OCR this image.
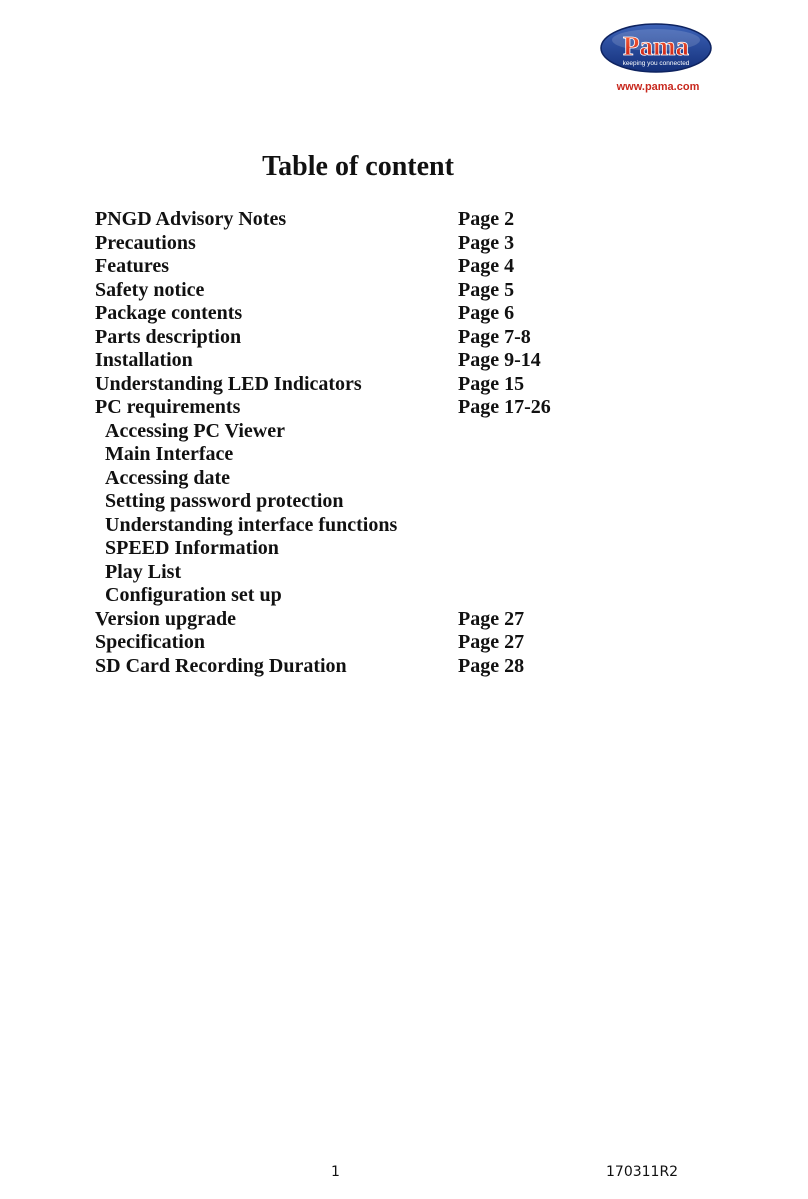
Pama
keeping you connected
www.pama.com
Table of content
PNGD Advisory Notes	Page 2
Precautions	Page 3
Features	Page 4
Safety notice	Page 5
Package contents	Page 6
Parts description	Page 7-8
Installation	Page 9-14
Understanding LED Indicators	Page 15
PC requirements	Page 17-26
Accessing PC Viewer
Main Interface
Accessing date
Setting password protection
Understanding interface functions
SPEED Information
Play List
Configuration set up
Version upgrade	Page 27
Specification	Page 27
SD Card Recording Duration	Page 28
1	170311R2
